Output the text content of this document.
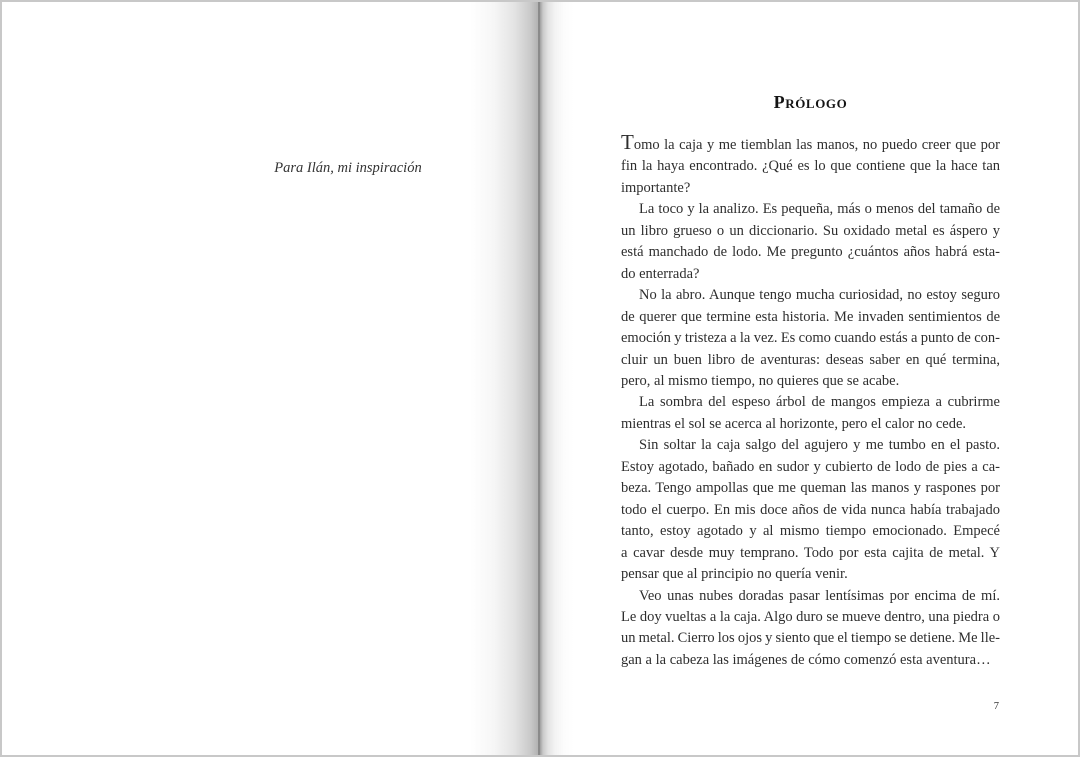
Para Ilán, mi inspiración
Prólogo
Tomo la caja y me tiemblan las manos, no puedo creer que por
fin la haya encontrado. ¿Qué es lo que contiene que la hace tan
importante?
La toco y la analizo. Es pequeña, más o menos del tamaño de
un libro grueso o un diccionario. Su oxidado metal es áspero y
está manchado de lodo. Me pregunto ¿cuántos años habrá esta-
do enterrada?
No la abro. Aunque tengo mucha curiosidad, no estoy seguro
de querer que termine esta historia. Me invaden sentimientos de
emoción y tristeza a la vez. Es como cuando estás a punto de con-
cluir un buen libro de aventuras: deseas saber en qué termina,
pero, al mismo tiempo, no quieres que se acabe.
La sombra del espeso árbol de mangos empieza a cubrirme
mientras el sol se acerca al horizonte, pero el calor no cede.
Sin soltar la caja salgo del agujero y me tumbo en el pasto.
Estoy agotado, bañado en sudor y cubierto de lodo de pies a ca-
beza. Tengo ampollas que me queman las manos y raspones por
todo el cuerpo. En mis doce años de vida nunca había trabajado
tanto, estoy agotado y al mismo tiempo emocionado. Empecé
a cavar desde muy temprano. Todo por esta cajita de metal. Y
pensar que al principio no quería venir.
Veo unas nubes doradas pasar lentísimas por encima de mí.
Le doy vueltas a la caja. Algo duro se mueve dentro, una piedra o
un metal. Cierro los ojos y siento que el tiempo se detiene. Me lle-
gan a la cabeza las imágenes de cómo comenzó esta aventura…
7
